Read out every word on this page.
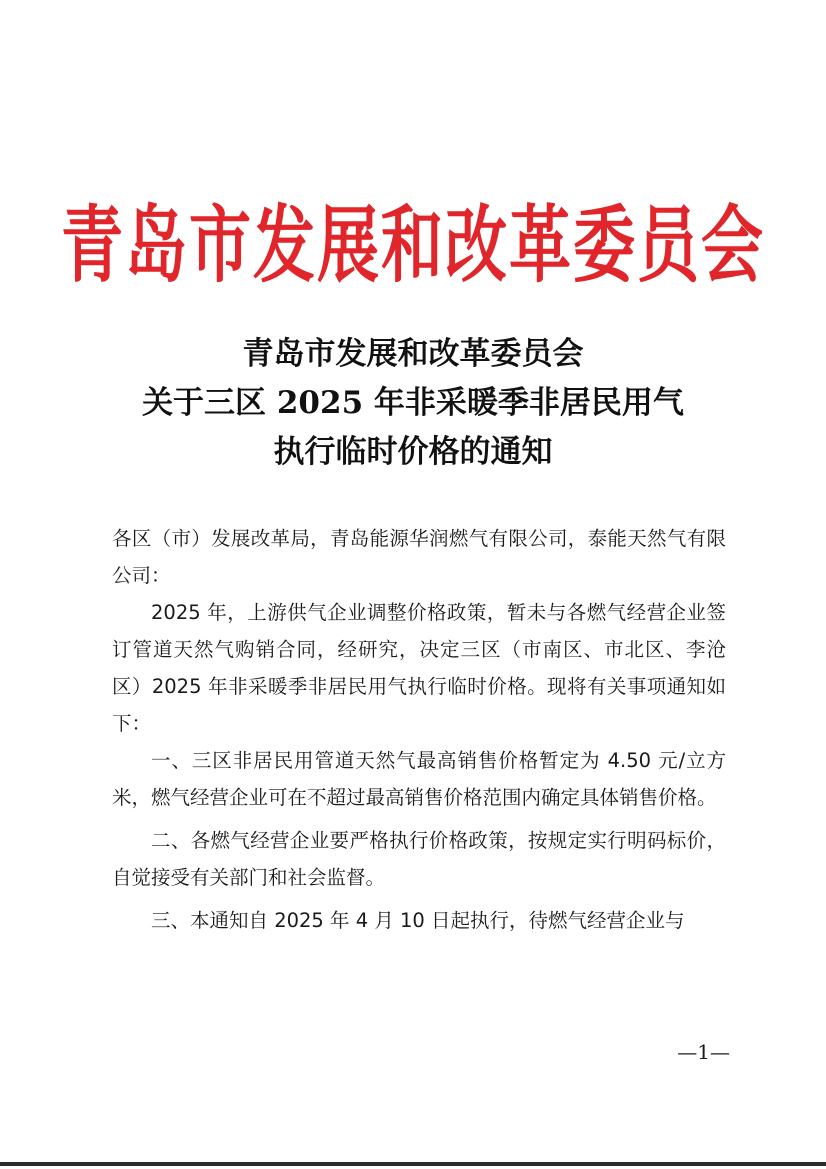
青岛市发展和改革委员会
青岛市发展和改革委员会
关于三区 2025 年非采暖季非居民用气
执行临时价格的通知

各区（市）发展改革局，青岛能源华润燃气有限公司，泰能天然气有限公司：

2025 年，上游供气企业调整价格政策，暂未与各燃气经营企业签订管道天然气购销合同，经研究，决定三区（市南区、市北区、李沧区）2025 年非采暖季非居民用气执行临时价格。现将有关事项通知如下：

一、三区非居民用管道天然气最高销售价格暂定为 4.50 元/立方米，燃气经营企业可在不超过最高销售价格范围内确定具体销售价格。

二、各燃气经营企业要严格执行价格政策，按规定实行明码标价，自觉接受有关部门和社会监督。

三、本通知自 2025 年 4 月 10 日起执行，待燃气经营企业与

—1—
